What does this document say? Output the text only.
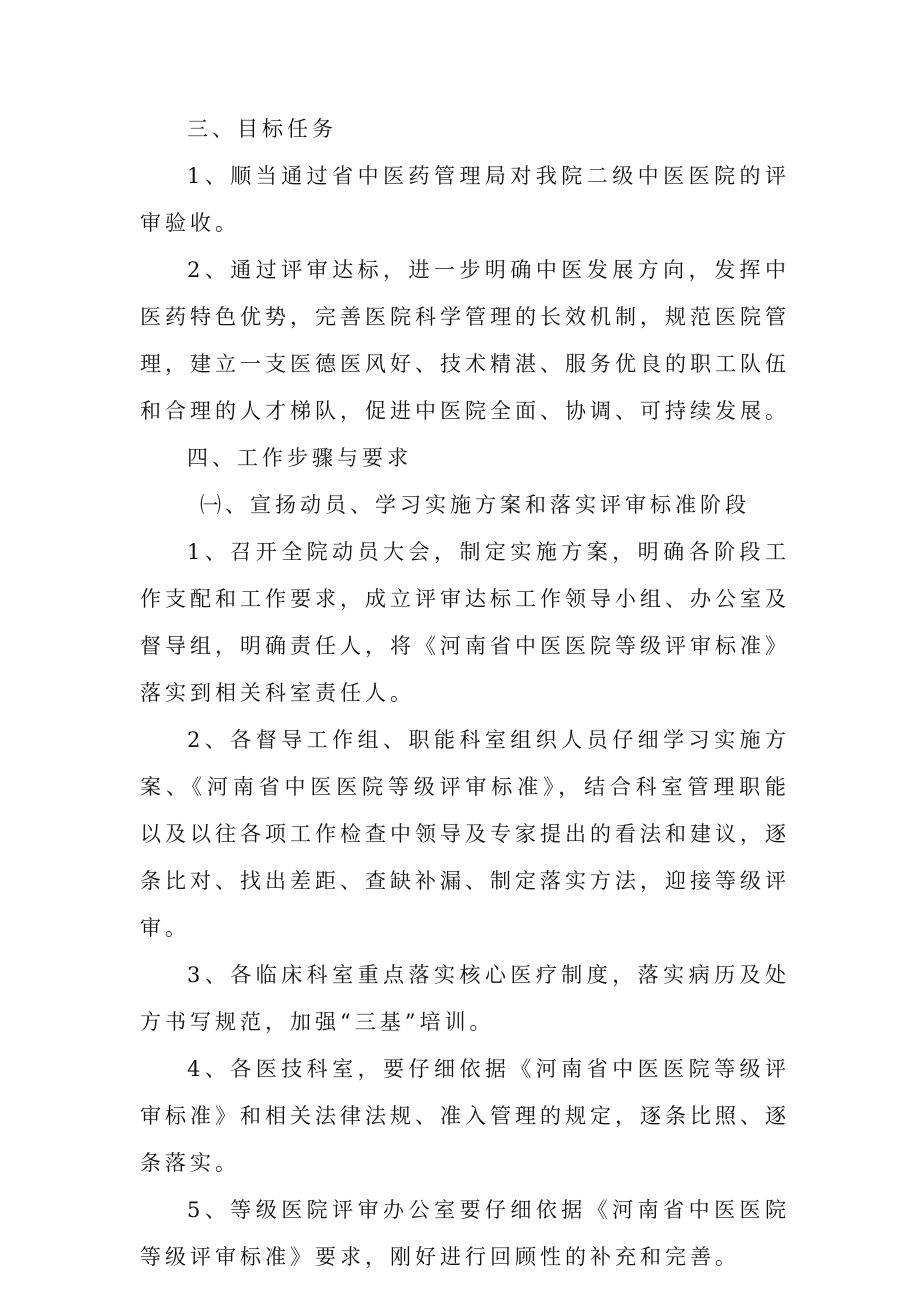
三、目标任务

1、顺当通过省中医药管理局对我院二级中医医院的评审验收。

2、通过评审达标，进一步明确中医发展方向，发挥中医药特色优势，完善医院科学管理的长效机制，规范医院管理，建立一支医德医风好、技术精湛、服务优良的职工队伍和合理的人才梯队，促进中医院全面、协调、可持续发展。

四、工作步骤与要求

㈠、宣扬动员、学习实施方案和落实评审标准阶段

1、召开全院动员大会，制定实施方案，明确各阶段工作支配和工作要求，成立评审达标工作领导小组、办公室及督导组，明确责任人，将《河南省中医医院等级评审标准》落实到相关科室责任人。

2、各督导工作组、职能科室组织人员仔细学习实施方案、《河南省中医医院等级评审标准》，结合科室管理职能以及以往各项工作检查中领导及专家提出的看法和建议，逐条比对、找出差距、查缺补漏、制定落实方法，迎接等级评审。

3、各临床科室重点落实核心医疗制度，落实病历及处方书写规范，加强“三基”培训。

4、各医技科室，要仔细依据《河南省中医医院等级评审标准》和相关法律法规、准入管理的规定，逐条比照、逐条落实。

5、等级医院评审办公室要仔细依据《河南省中医医院等级评审标准》要求，刚好进行回顾性的补充和完善。
